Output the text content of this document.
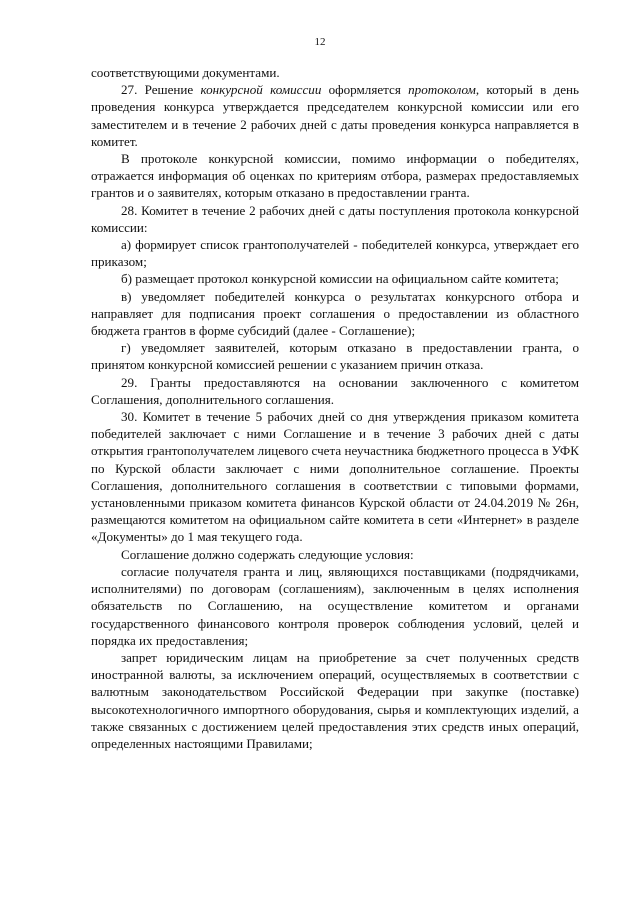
12

соответствующими документами.

27. Решение конкурсной комиссии оформляется протоколом, который в день проведения конкурса утверждается председателем конкурсной комиссии или его заместителем и в течение 2 рабочих дней с даты проведения конкурса направляется в комитет.

В протоколе конкурсной комиссии, помимо информации о победителях, отражается информация об оценках по критериям отбора, размерах предоставляемых грантов и о заявителях, которым отказано в предоставлении гранта.

28. Комитет в течение 2 рабочих дней с даты поступления протокола конкурсной комиссии:

а) формирует список грантополучателей - победителей конкурса, утверждает его приказом;

б) размещает протокол конкурсной комиссии на официальном сайте комитета;

в) уведомляет победителей конкурса о результатах конкурсного отбора и направляет для подписания проект соглашения о предоставлении из областного бюджета грантов в форме субсидий (далее - Соглашение);

г) уведомляет заявителей, которым отказано в предоставлении гранта, о принятом конкурсной комиссией решении с указанием причин отказа.

29. Гранты предоставляются на основании заключенного с комитетом Соглашения, дополнительного соглашения.

30. Комитет в течение 5 рабочих дней со дня утверждения приказом комитета победителей заключает с ними Соглашение и в течение 3 рабочих дней с даты открытия грантополучателем лицевого счета неучастника бюджетного процесса в УФК по Курской области заключает с ними дополнительное соглашение. Проекты Соглашения, дополнительного соглашения в соответствии с типовыми формами, установленными приказом комитета финансов Курской области от 24.04.2019 № 26н, размещаются комитетом на официальном сайте комитета в сети «Интернет» в разделе «Документы» до 1 мая текущего года.

Соглашение должно содержать следующие условия:

согласие получателя гранта и лиц, являющихся поставщиками (подрядчиками, исполнителями) по договорам (соглашениям), заключенным в целях исполнения обязательств по Соглашению, на осуществление комитетом и органами государственного финансового контроля проверок соблюдения условий, целей и порядка их предоставления;

запрет юридическим лицам на приобретение за счет полученных средств иностранной валюты, за исключением операций, осуществляемых в соответствии с валютным законодательством Российской Федерации при закупке (поставке) высокотехнологичного импортного оборудования, сырья и комплектующих изделий, а также связанных с достижением целей предоставления этих средств иных операций, определенных настоящими Правилами;
